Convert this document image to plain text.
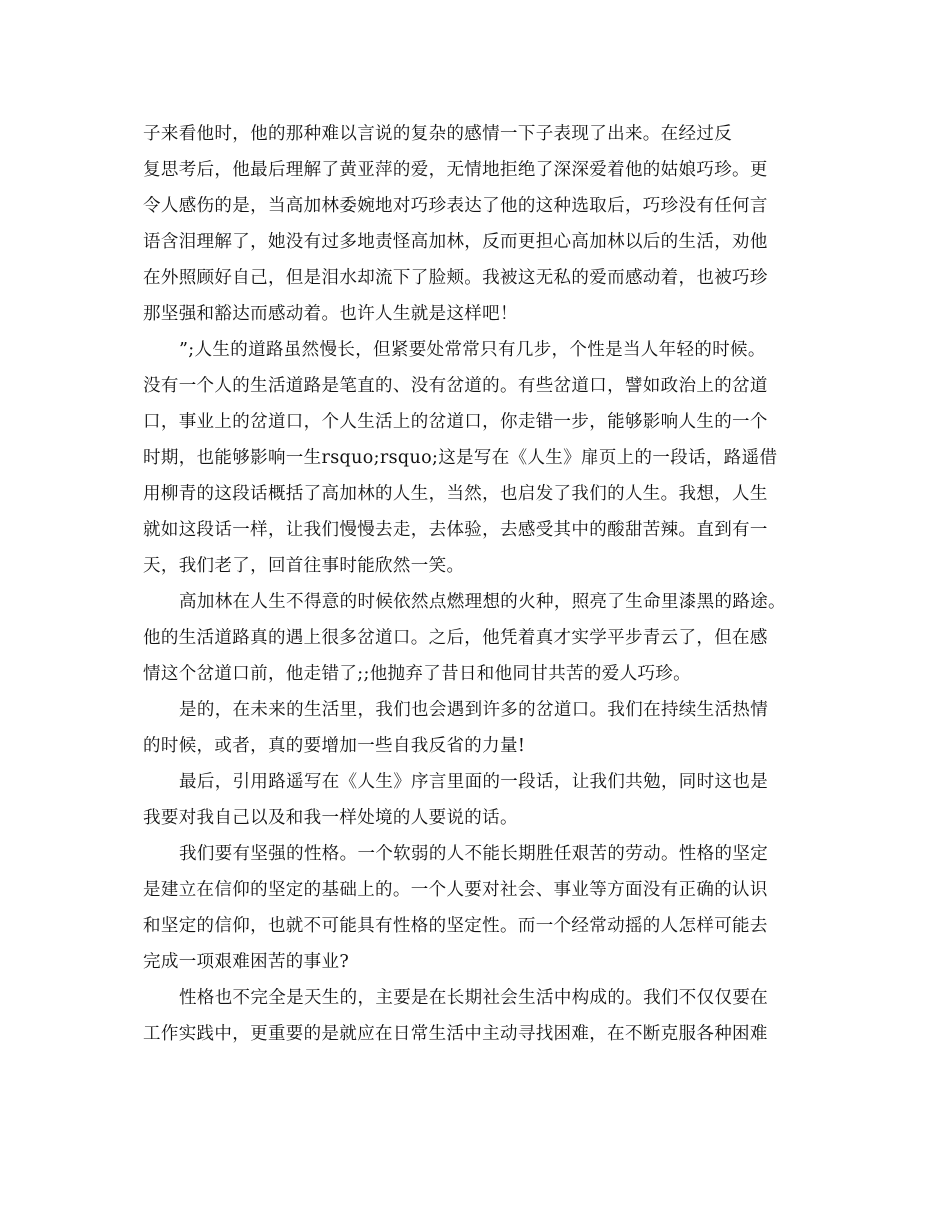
子来看他时，他的那种难以言说的复杂的感情一下子表现了出来。在经过反
复思考后，他最后理解了黄亚萍的爱，无情地拒绝了深深爱着他的姑娘巧珍。更
令人感伤的是，当高加林委婉地对巧珍表达了他的这种选取后，巧珍没有任何言
语含泪理解了，她没有过多地责怪高加林，反而更担心高加林以后的生活，劝他
在外照顾好自己，但是泪水却流下了脸颊。我被这无私的爱而感动着，也被巧珍
那坚强和豁达而感动着。也许人生就是这样吧！
”;人生的道路虽然慢长，但紧要处常常只有几步，个性是当人年轻的时候。
没有一个人的生活道路是笔直的、没有岔道的。有些岔道口，譬如政治上的岔道
口，事业上的岔道口，个人生活上的岔道口，你走错一步，能够影响人生的一个
时期，也能够影响一生rsquo;rsquo;这是写在《人生》扉页上的一段话，路遥借
用柳青的这段话概括了高加林的人生，当然，也启发了我们的人生。我想，人生
就如这段话一样，让我们慢慢去走，去体验，去感受其中的酸甜苦辣。直到有一
天，我们老了，回首往事时能欣然一笑。
高加林在人生不得意的时候依然点燃理想的火种，照亮了生命里漆黑的路途。
他的生活道路真的遇上很多岔道口。之后，他凭着真才实学平步青云了，但在感
情这个岔道口前，他走错了;;他抛弃了昔日和他同甘共苦的爱人巧珍。
是的，在未来的生活里，我们也会遇到许多的岔道口。我们在持续生活热情
的时候，或者，真的要增加一些自我反省的力量!
最后，引用路遥写在《人生》序言里面的一段话，让我们共勉，同时这也是
我要对我自己以及和我一样处境的人要说的话。
我们要有坚强的性格。一个软弱的人不能长期胜任艰苦的劳动。性格的坚定
是建立在信仰的坚定的基础上的。一个人要对社会、事业等方面没有正确的认识
和坚定的信仰，也就不可能具有性格的坚定性。而一个经常动摇的人怎样可能去
完成一项艰难困苦的事业?
性格也不完全是天生的，主要是在长期社会生活中构成的。我们不仅仅要在
工作实践中，更重要的是就应在日常生活中主动寻找困难，在不断克服各种困难
